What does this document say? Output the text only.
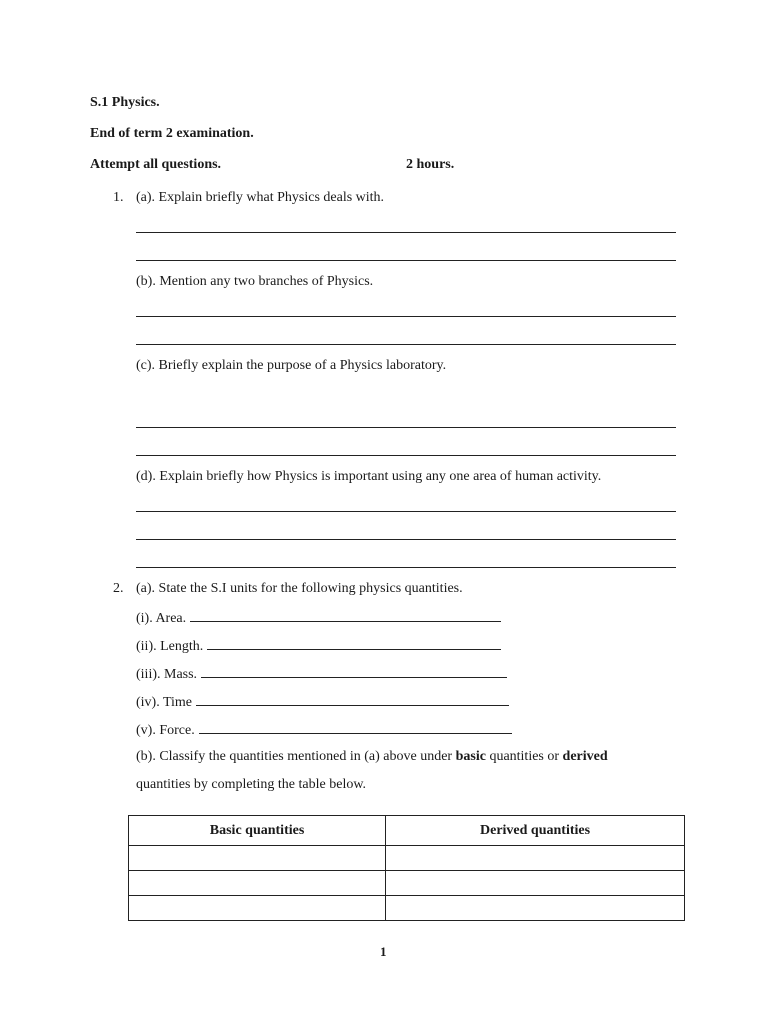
S.1 Physics.
End of term 2 examination.
Attempt all questions.	2 hours.
1. (a). Explain briefly what Physics deals with.
(b). Mention any two branches of Physics.
(c). Briefly explain the purpose of a Physics laboratory.
(d). Explain briefly how Physics is important using any one area of human activity.
2. (a). State the S.I units for the following physics quantities.
(i). Area.
(ii). Length.
(iii). Mass.
(iv). Time
(v). Force.
(b). Classify the quantities mentioned in (a) above under basic quantities or derived
quantities by completing the table below.
Basic quantities	Derived quantities

1
